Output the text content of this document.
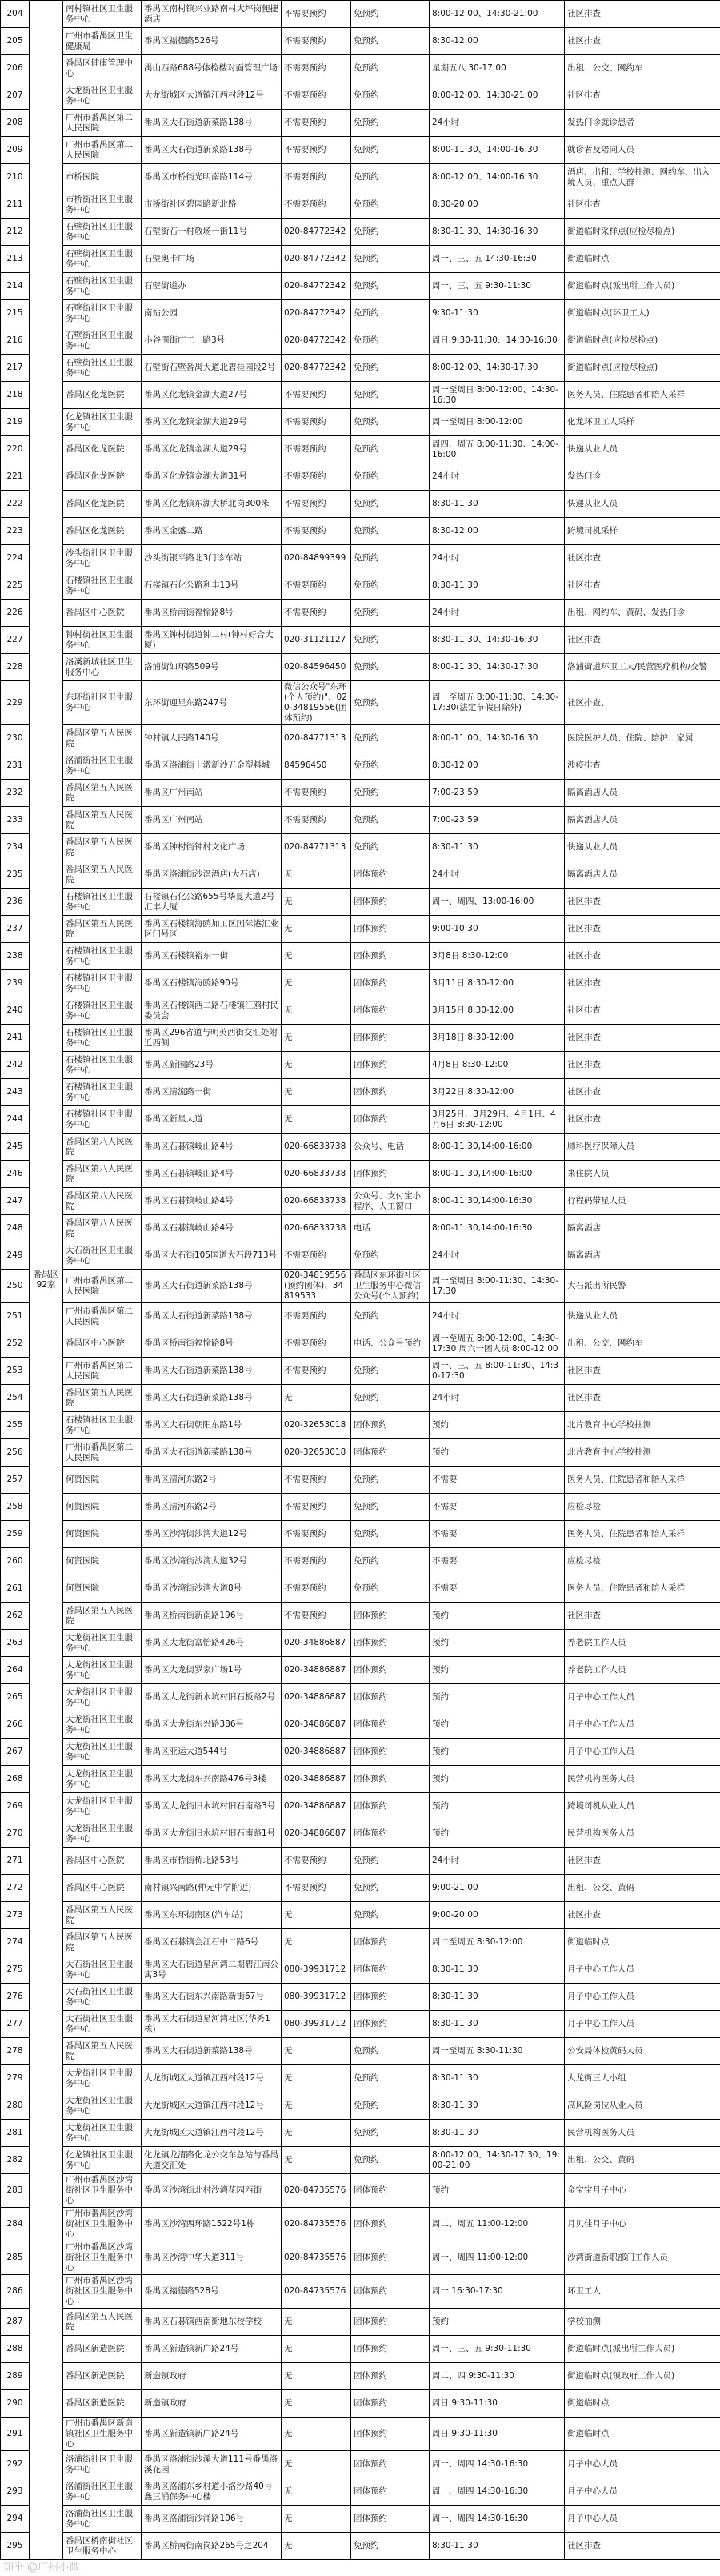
204	番禺区 92家	南村镇社区卫生服务中心	番禺区南村镇兴业路南村大坪岗便捷酒店	不需要预约	免预约	8:00-12:00、14:30-21:00	社区排查
205		广州市番禺区卫生健康局	番禺区福德路526号	不需要预约	免预约	8:30-12:00	社区排查
206		番禺区健康管理中心	禺山西路688号体检楼对面管理广场	不需要预约	免预约	星期五八 30-17:00	出租、公交、网约车
207		大龙街社区卫生服务中心	大龙街城区大道镇江西村段12号	不需要预约	免预约	8:00-12:00、14:30-21:00	社区排查
208		广州市番禺区第二人民医院	番禺区大石街道新菜路138号	不需要预约	免预约	24小时	发热门诊就诊患者
209		广州市番禺区第二人民医院	番禺区大石街道新菜路138号	不需要预约	免预约	8:00-11:30、14:00-16:30	就诊者及陪同人员
210		市桥医院	番禺区市桥街光明南路114号	不需要预约	免预约	8:00-12:00、14:00-16:30	酒店、出租、学校抽测、网约车、出入境人员、重点人群
211		市桥街社区卫生服务中心	市桥街社区碧园路新北路	不需要预约	免预约	8:30-20:00	社区排查
212		石壁街社区卫生服务中心	石壁街石一村敬场一街11号	020-84772342	免预约	8:30-11:30、14:30-16:30	街道临时采样点(应检尽检点)
213		石壁街社区卫生服务中心	石壁奥卡广场	020-84772342	免预约	周一、三、五 14:30-16:30	街道临时点
214		石壁街社区卫生服务中心	石壁街道办	020-84772342	免预约	周一、三、五 9:30-11:30	街道临时点(派出所工作人员)
215		石壁街社区卫生服务中心	南站公园	020-84772342	免预约	9:30-11:30	街道临时点(环卫工人)
216		石壁街社区卫生服务中心	小谷围街广工一路3号	020-84772342	免预约	周日 9:30-11:30、14:30-16:30	街道临时点(应检尽检点)
217		石壁街社区卫生服务中心	石壁街石壁番禺大道北碧桂园段2号	020-84772342	免预约	8:00-12:00、14:30-17:30	街道临时点(应检尽检点)
218		番禺区化龙医院	番禺区化龙镇金湖大道27号	不需要预约	免预约	周一至周日 8:00-12:00、14:30-16:30	医务人员、住院患者和陪人采样
219		化龙镇社区卫生服务中心	番禺区化龙镇金湖大道29号	不需要预约	免预约	周一至周日 8:00-12:00	化龙环卫工人采样
220		番禺区化龙医院	番禺区化龙镇金湖大道29号	不需要预约	免预约	周四、周五 8:00-11:30、14:00-16:00	快递从业人员
221		番禺区化龙医院	番禺区化龙镇金湖大道31号	不需要预约	免预约	24小时	发热门诊
222		番禺区化龙医院	番禺区化龙镇东湖大桥北岗300米	不需要预约	免预约	8:30-11:30	快递从业人员
223		番禺区化龙医院	番禺区金盛二路	不需要预约	免预约	8:30-12:00	跨境司机采样
224		沙头街社区卫生服务中心	沙头街银平路北3门诊车站	020-84899399	免预约	24小时	社区排查
225		石楼镇社区卫生服务中心	石楼镇石化公路利丰13号	不需要预约	免预约	8:30-11:30	社区排查
226		番禺区中心医院	番禺区桥南街福愉路8号	不需要预约	免预约	24小时	出租、网约车、黄码、发热门诊
227		钟村街社区卫生服务中心	番禺区钟村街道钟二村(钟村好合大厦)	020-31121127	免预约	8:30-11:30、14:30-16:30	社区排查
228		洛溪新城社区卫生服务中心	洛浦街如环路509号	020-84596450	免预约	8:00-11:30、14:30-17:30	洛浦街道环卫工人/民营医疗机构/交警
229		东环街社区卫生服务中心	东环街迎星东路247号	微信公众号"东环(个人预约)"、020-34819556(团体预约)	免预约	周一至周五 8:00-11:30、14:30-17:30(法定节假日除外)	社区排查、
230		番禺区第五人民医院	钟村镇人民路140号	020-84771313	免预约	8:00-11:00、14:30-16:30	医院医护人员、住院、陪护、家属
231		洛浦街社区卫生服务中心	番禺区洛浦街上漖新沙五金塑料城	84596450	免预约	8:30-12:00	涉疫排查
232		番禺区第五人民医院	番禺区广州南站	不需要预约	免预约	7:00-23:59	隔离酒店人员
233		番禺区第五人民医院	番禺区广州南站	不需要预约	免预约	7:00-23:59	隔离酒店人员
234		番禺区第五人民医院	番禺区钟村街钟村文化广场	020-84771313	免预约	8:30-11:30	快递从业人员
235		番禺区第五人民医院	番禺区洛浦街沙滘酒店(大石店)	无	团体预约	24小时	隔离酒店人员
236		石楼镇社区卫生服务中心	石楼镇石化公路655号华夏大道2号汇丰大厦	无	团体预约	周一、周四、13:00-16:00	社区排查
237		番禺区第五人民医院	番禺区石楼镇海鸥加工区国际港汇业区门号区	无	团体预约	9:00-10:30	社区排查
238		石楼镇社区卫生服务中心	番禺区石楼镇裕东一街	无	团体预约	3月8日 8:30-12:00	社区排查
239		石楼镇社区卫生服务中心	番禺区石楼镇海鸥路90号	无	团体预约	3月11日 8:30-12:00	社区排查
240		石楼镇社区卫生服务中心	番禺区石楼镇西二路石楼镇江鸥村民委员会	无	团体预约	3月15日 8:30-12:00	社区排查
241		石楼镇社区卫生服务中心	番禺区296省道与明英西街交汇处附近西侧	无	团体预约	3月18日 8:30-12:00	社区排查
242		石楼镇社区卫生服务中心	番禺区新围路23号	无	团体预约	4月8日 8:30-12:00	社区排查
243		石楼镇社区卫生服务中心	番禺区清流路一街	无	团体预约	3月22日 8:30-12:00	社区排查
244		石楼镇社区卫生服务中心	番禺区新星大道	无	团体预约	3月25日、3月29日、4月1日、4月6日 8:30-12:00	社区排查
245		番禺区第八人民医院	番禺区石碁镇岐山路4号	020-66833738	公众号、电话	8:00-11:30,14:00-16:00	肺科医疗保障人员
246		番禺区第八人民医院	番禺区石碁镇岐山路4号	020-66833738	团体预约	8:00-11:30,14:00-16:00	来住院人员
247		番禺区第八人民医院	番禺区石碁镇岐山路4号	020-66833738	公众号、支付宝小程序、人工窗口	8:00-11:30,14:00-16:30	行程码带星人员
248		番禺区第八人民医院	番禺区石碁镇岐山路4号	020-66833738	电话	8:00-11:30,14:00-16:30	隔离酒店
249		大石街社区卫生服务中心	番禺区大石街105国道大石段713号	不需要预约	免预约	24小时	隔离酒店
250		广州市番禺区第二人民医院	番禺区大石街道新菜路138号	020-34819556(预约团体)、34819533	番禺区东环街社区卫生服务中心微信公众号(个人预约)	周一至周日 8:00-11:30、14:30-17:30	大石派出所民警
251		广州市番禺区第二人民医院	番禺区大石街道新菜路138号	不需要预约	免预约	24小时	快递从业人员
252		番禺区中心医院	番禺区桥南街福愉路8号	不需要预约	电话、公众号预约	周一至周五 8:00-12:00、14:30-17:30 周六一团人员 8:00-12:00	出租、公交、网约车
253		广州市番禺区第二人民医院	番禺区大石街道新菜路138号	不需要预约	免预约	周一、三、五 8:00-11:30、14:30-17:30	社区排查
254		番禺区第五人民医院	番禺区大石街道新菜路138号	无	免预约	24小时	社区排查
255		石楼镇社区卫生服务中心	番禺区大石街朝阳东路1号	020-32653018	团体预约	预约	北片教育中心学校抽测
256		广州市番禺区第二人民医院	番禺区大石街道新菜路138号	020-32653018	团体预约	预约	北片教育中心学校抽测
257		何贤医院	番禺区清河东路2号	不需要预约	免预约	不需要	医务人员、住院患者和陪人采样
258		何贤医院	番禺区清河东路2号	不需要预约	免预约	不需要	应检尽检
259		何贤医院	番禺区沙湾街沙湾大道12号	不需要预约	免预约	不需要	医务人员、住院患者和陪人采样
260		何贤医院	番禺区沙湾街沙湾大道32号	不需要预约	免预约	不需要	应检尽检
261		何贤医院	番禺区沙湾街沙湾大道8号	不需要预约	免预约	不需要	医务人员、住院患者和陪人采样
262		番禺区第五人民医院	番禺区桥南街新南路196号	不需要预约	团体预约	预约	社区排查
263		大龙街社区卫生服务中心	番禺区大龙街富怡路426号	020-34886887	团体预约	预约	养老院工作人员
264		大龙街社区卫生服务中心	番禺区大龙街罗家广场1号	020-34886887	团体预约	预约	养老院工作人员
265		大龙街社区卫生服务中心	番禺区大龙街新水坑村旧石板路2号	020-34886887	团体预约	预约	月子中心工作人员
266		大龙街社区卫生服务中心	番禺区大龙街东兴路386号	020-34886887	团体预约	预约	月子中心工作人员
267		大龙街社区卫生服务中心	番禺区亚运大道544号	020-34886887	团体预约	预约	月子中心工作人员
268		大龙街社区卫生服务中心	番禺区大龙街东兴南路476号3楼	020-34886887	团体预约	预约	民营机构医务人员
269		大龙街社区卫生服务中心	番禺区大龙街旧水坑村旧石南路3号	020-34886887	团体预约	预约	跨境司机从业人员
270		大龙街社区卫生服务中心	番禺区大龙街旧水坑村旧石南路1号	020-34886887	团体预约	预约	民营机构医务人员
271		番禺区中心医院	番禺区市桥街桥北路53号	不需要预约	免预约	24小时	社区排查
272		番禺区中心医院	南村镇兴南路(仲元中学附近)	不需要预约	免预约	9:00-21:00	出租、公交、黄码
273		番禺区第五人民医院	番禺区东环街南区(汽车站)	无	免预约	9:00-20:00	社区排查
274		番禺区第五人民医院	番禺区石碁镇会江石中二路6号	无	团体预约	周二至周五 8:30-12:00	街道临时点
275		大石街社区卫生服务中心	番禺区大石街道星河湾二期碧江南公寓3号	080-39931712	团体预约	8:30-11:30	月子中心工作人员
276		大石街社区卫生服务中心	番禺区大石街东兴南路新街67号	080-39931712	团体预约	8:30-11:30	月子中心工作人员
277		大石街社区卫生服务中心	番禺区大石街道星河湾社区(华秀1栋)	080-39931712	团体预约	8:30-11:30	月子中心工作人员
278		番禺区第五人民医院	番禺区大石街道新菜路138号	无	免预约	周一至周五 8:30-11:30	公安局体检黄码人员
279		大龙街社区卫生服务中心	大龙街城区大道镇江西村段12号	无	免预约	8:30-11:30	大龙街三人小组
280		大龙街社区卫生服务中心	大龙街城区大道镇江西村段12号	无	免预约	8:30-11:30	高风险岗位从业人员
281		大龙街社区卫生服务中心	大龙街城区大道镇江西村段12号	无	免预约	8:30-11:30	民营机构医务人员
282		化龙镇社区卫生服务中心	化龙镇龙清路化龙公交车总站与番禺大道交汇处	无	免预约	8:00-12:00、14:30-17:30、19:00-21:00	出租、公交、黄码
283		广州市番禺区沙湾街社区卫生服务中心	番禺区沙湾街北村沙湾花园西街	020-84735576	团体预约	预约	金宝宝月子中心
284		广州市番禺区沙湾街社区卫生服务中心	番禺区沙湾西环路1522号1栋	020-84735576	团体预约	周二、周五 11:00-12:00	月贝佳月子中心
285		广州市番禺区沙湾街社区卫生服务中心	番禺区沙湾中华大道311号	020-84735576	团体预约	周一、周四 11:00-12:00	沙湾街道新职部门工作人员
286		广州市番禺区沙湾街社区卫生服务中心	番禺区福德路528号	020-84735576	团体预约	周一 16:30-17:30	环卫工人
287		番禺区第五人民医院	番禺区石碁镇西南街地东校学校	无	团体预约	预约	学校抽测
288		番禺区新造医院	番禺区新造镇新广路24号	无	团体预约	周一、三、五 9:30-11:30	街道临时点(派出所工作人员)
289		番禺区新造医院	新造镇政府	无	团体预约	周二、四 9:30-11:30	街道临时点(镇政府工作人员)
290		番禺区新造医院	新造镇政府	无	团体预约	周日 9:30-11:30	街道临时点
291		广州市番禺区新造镇社区卫生服务中心	番禺区新造镇新广路24号	无	团体预约	周日 9:30-11:30	街道临时点
292		洛浦街社区卫生服务中心	番禺区洛浦街沙溪大道111号番禺洛溪花园	无	团体预约	周一、周四 14:30-16:30	月子中心人员
293		洛浦街社区卫生服务中心	番禺区洛浦东乡村道小洛沙路40号鑫三涌保务中心楼	无	团体预约	周一、周四 14:30-16:30	月子中心人员
294		洛浦街社区卫生服务中心	番禺区洛浦街沙涌路106号	无	团体预约	周一、周四 14:30-16:30	月子中心人员
295		番禺区桥南街社区卫生服务中心	番禺区桥南街南岗路265号之204	无	免预约	8:30-11:30	社区排查
知乎 @广州小微
